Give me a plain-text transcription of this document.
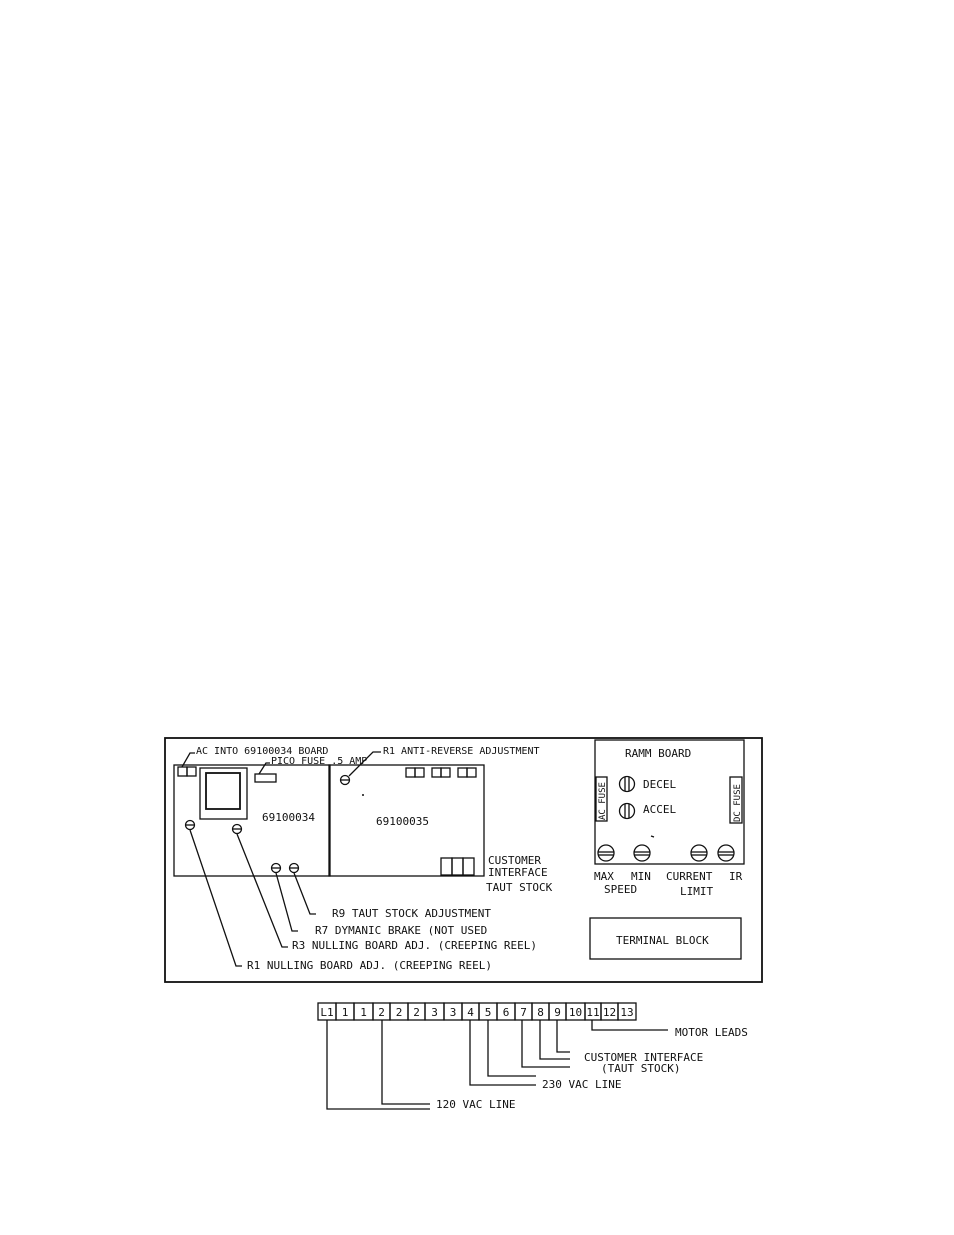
AC INTO 69100034 BOARD
PICO FUSE .5 AMP
R1 ANTI-REVERSE ADJUSTMENT
69100034	69100035
CUSTOMER
INTERFACE
TAUT STOCK
R9 TAUT STOCK ADJUSTMENT
R7 DYMANIC BRAKE (NOT USED
R3 NULLING BOARD ADJ. (CREEPING REEL)
R1 NULLING BOARD ADJ. (CREEPING REEL)
RAMM BOARD
AC FUSE	DC FUSE
DECEL
ACCEL
MAX
SPEED
MIN CURRENT
LIMIT
IR
TERMINAL BLOCK
L1 1 1 2 2 2 3 3 4 5 6 7 8 9 10 11 12 13
MOTOR LEADS
CUSTOMER INTERFACE
(TAUT STOCK)
230 VAC LINE
120 VAC LINE
